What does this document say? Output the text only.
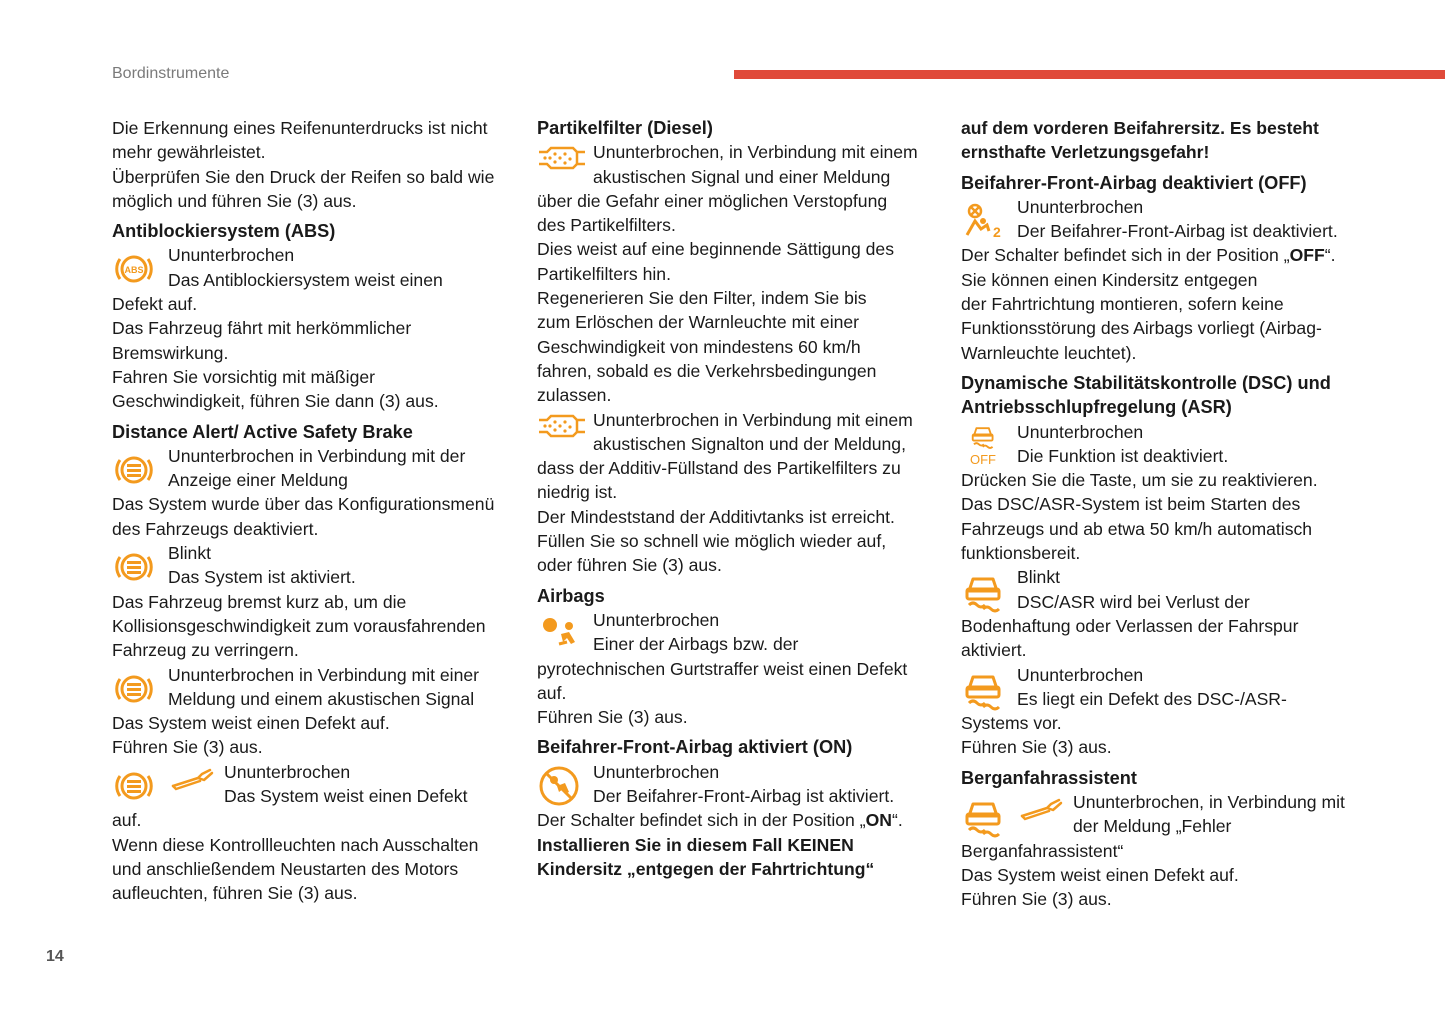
Bordinstrumente

Die Erkennung eines Reifenunterdrucks ist nicht

mehr gewährleistet.

Überprüfen Sie den Druck der Reifen so bald wie

möglich und führen Sie (3) aus.

Antiblockiersystem (ABS)

Ununterbrochen

Das Antiblockiersystem weist einen

Defekt auf.

Das Fahrzeug fährt mit herkömmlicher

Bremswirkung.

Fahren Sie vorsichtig mit mäßiger

Geschwindigkeit, führen Sie dann (3) aus.

Distance Alert/ Active Safety Brake

Ununterbrochen in Verbindung mit der

Anzeige einer Meldung

Das System wurde über das Konfigurationsmenü

des Fahrzeugs deaktiviert.

Blinkt

Das System ist aktiviert.

Das Fahrzeug bremst kurz ab, um die

Kollisionsgeschwindigkeit zum vorausfahrenden

Fahrzeug zu verringern.

Ununterbrochen in Verbindung mit einer

Meldung und einem akustischen Signal

Das System weist einen Defekt auf.

Führen Sie (3) aus.

Ununterbrochen

Das System weist einen Defekt

auf.

Wenn diese Kontrollleuchten nach Ausschalten

und anschließendem Neustarten des Motors

aufleuchten, führen Sie (3) aus.

Partikelfilter (Diesel)

Ununterbrochen, in Verbindung mit einem

akustischen Signal und einer Meldung

über die Gefahr einer möglichen Verstopfung

des Partikelfilters.

Dies weist auf eine beginnende Sättigung des

Partikelfilters hin.

Regenerieren Sie den Filter, indem Sie bis

zum Erlöschen der Warnleuchte mit einer

Geschwindigkeit von mindestens 60 km/h

fahren, sobald es die Verkehrsbedingungen

zulassen.

Ununterbrochen in Verbindung mit einem

akustischen Signalton und der Meldung,

dass der Additiv-Füllstand des Partikelfilters zu

niedrig ist.

Der Mindeststand der Additivtanks ist erreicht.

Füllen Sie so schnell wie möglich wieder auf,

oder führen Sie (3) aus.

Airbags

Ununterbrochen

Einer der Airbags bzw. der

pyrotechnischen Gurtstraffer weist einen Defekt

auf.

Führen Sie (3) aus.

Beifahrer-Front-Airbag aktiviert (ON)

Ununterbrochen

Der Beifahrer-Front-Airbag ist aktiviert.

Der Schalter befindet sich in der Position „ON“.

Installieren Sie in diesem Fall KEINEN

Kindersitz „entgegen der Fahrtrichtung“

auf dem vorderen Beifahrersitz. Es besteht

ernsthafte Verletzungsgefahr!

Beifahrer-Front-Airbag deaktiviert (OFF)

Ununterbrochen

Der Beifahrer-Front-Airbag ist deaktiviert.

Der Schalter befindet sich in der Position „OFF“.

Sie können einen Kindersitz entgegen

der Fahrtrichtung montieren, sofern keine

Funktionsstörung des Airbags vorliegt (Airbag-

Warnleuchte leuchtet).

Dynamische Stabilitätskontrolle (DSC) und
Antriebsschlupfregelung (ASR)
OFF

Ununterbrochen

Die Funktion ist deaktiviert.

Drücken Sie die Taste, um sie zu reaktivieren.

Das DSC/ASR-System ist beim Starten des

Fahrzeugs und ab etwa 50 km/h automatisch

funktionsbereit.

Blinkt

DSC/ASR wird bei Verlust der

Bodenhaftung oder Verlassen der Fahrspur

aktiviert.

Ununterbrochen

Es liegt ein Defekt des DSC-/ASR-

Systems vor.

Führen Sie (3) aus.

Berganfahrassistent

Ununterbrochen, in Verbindung mit

der Meldung „Fehler

Berganfahrassistent“

Das System weist einen Defekt auf.

Führen Sie (3) aus.

14
